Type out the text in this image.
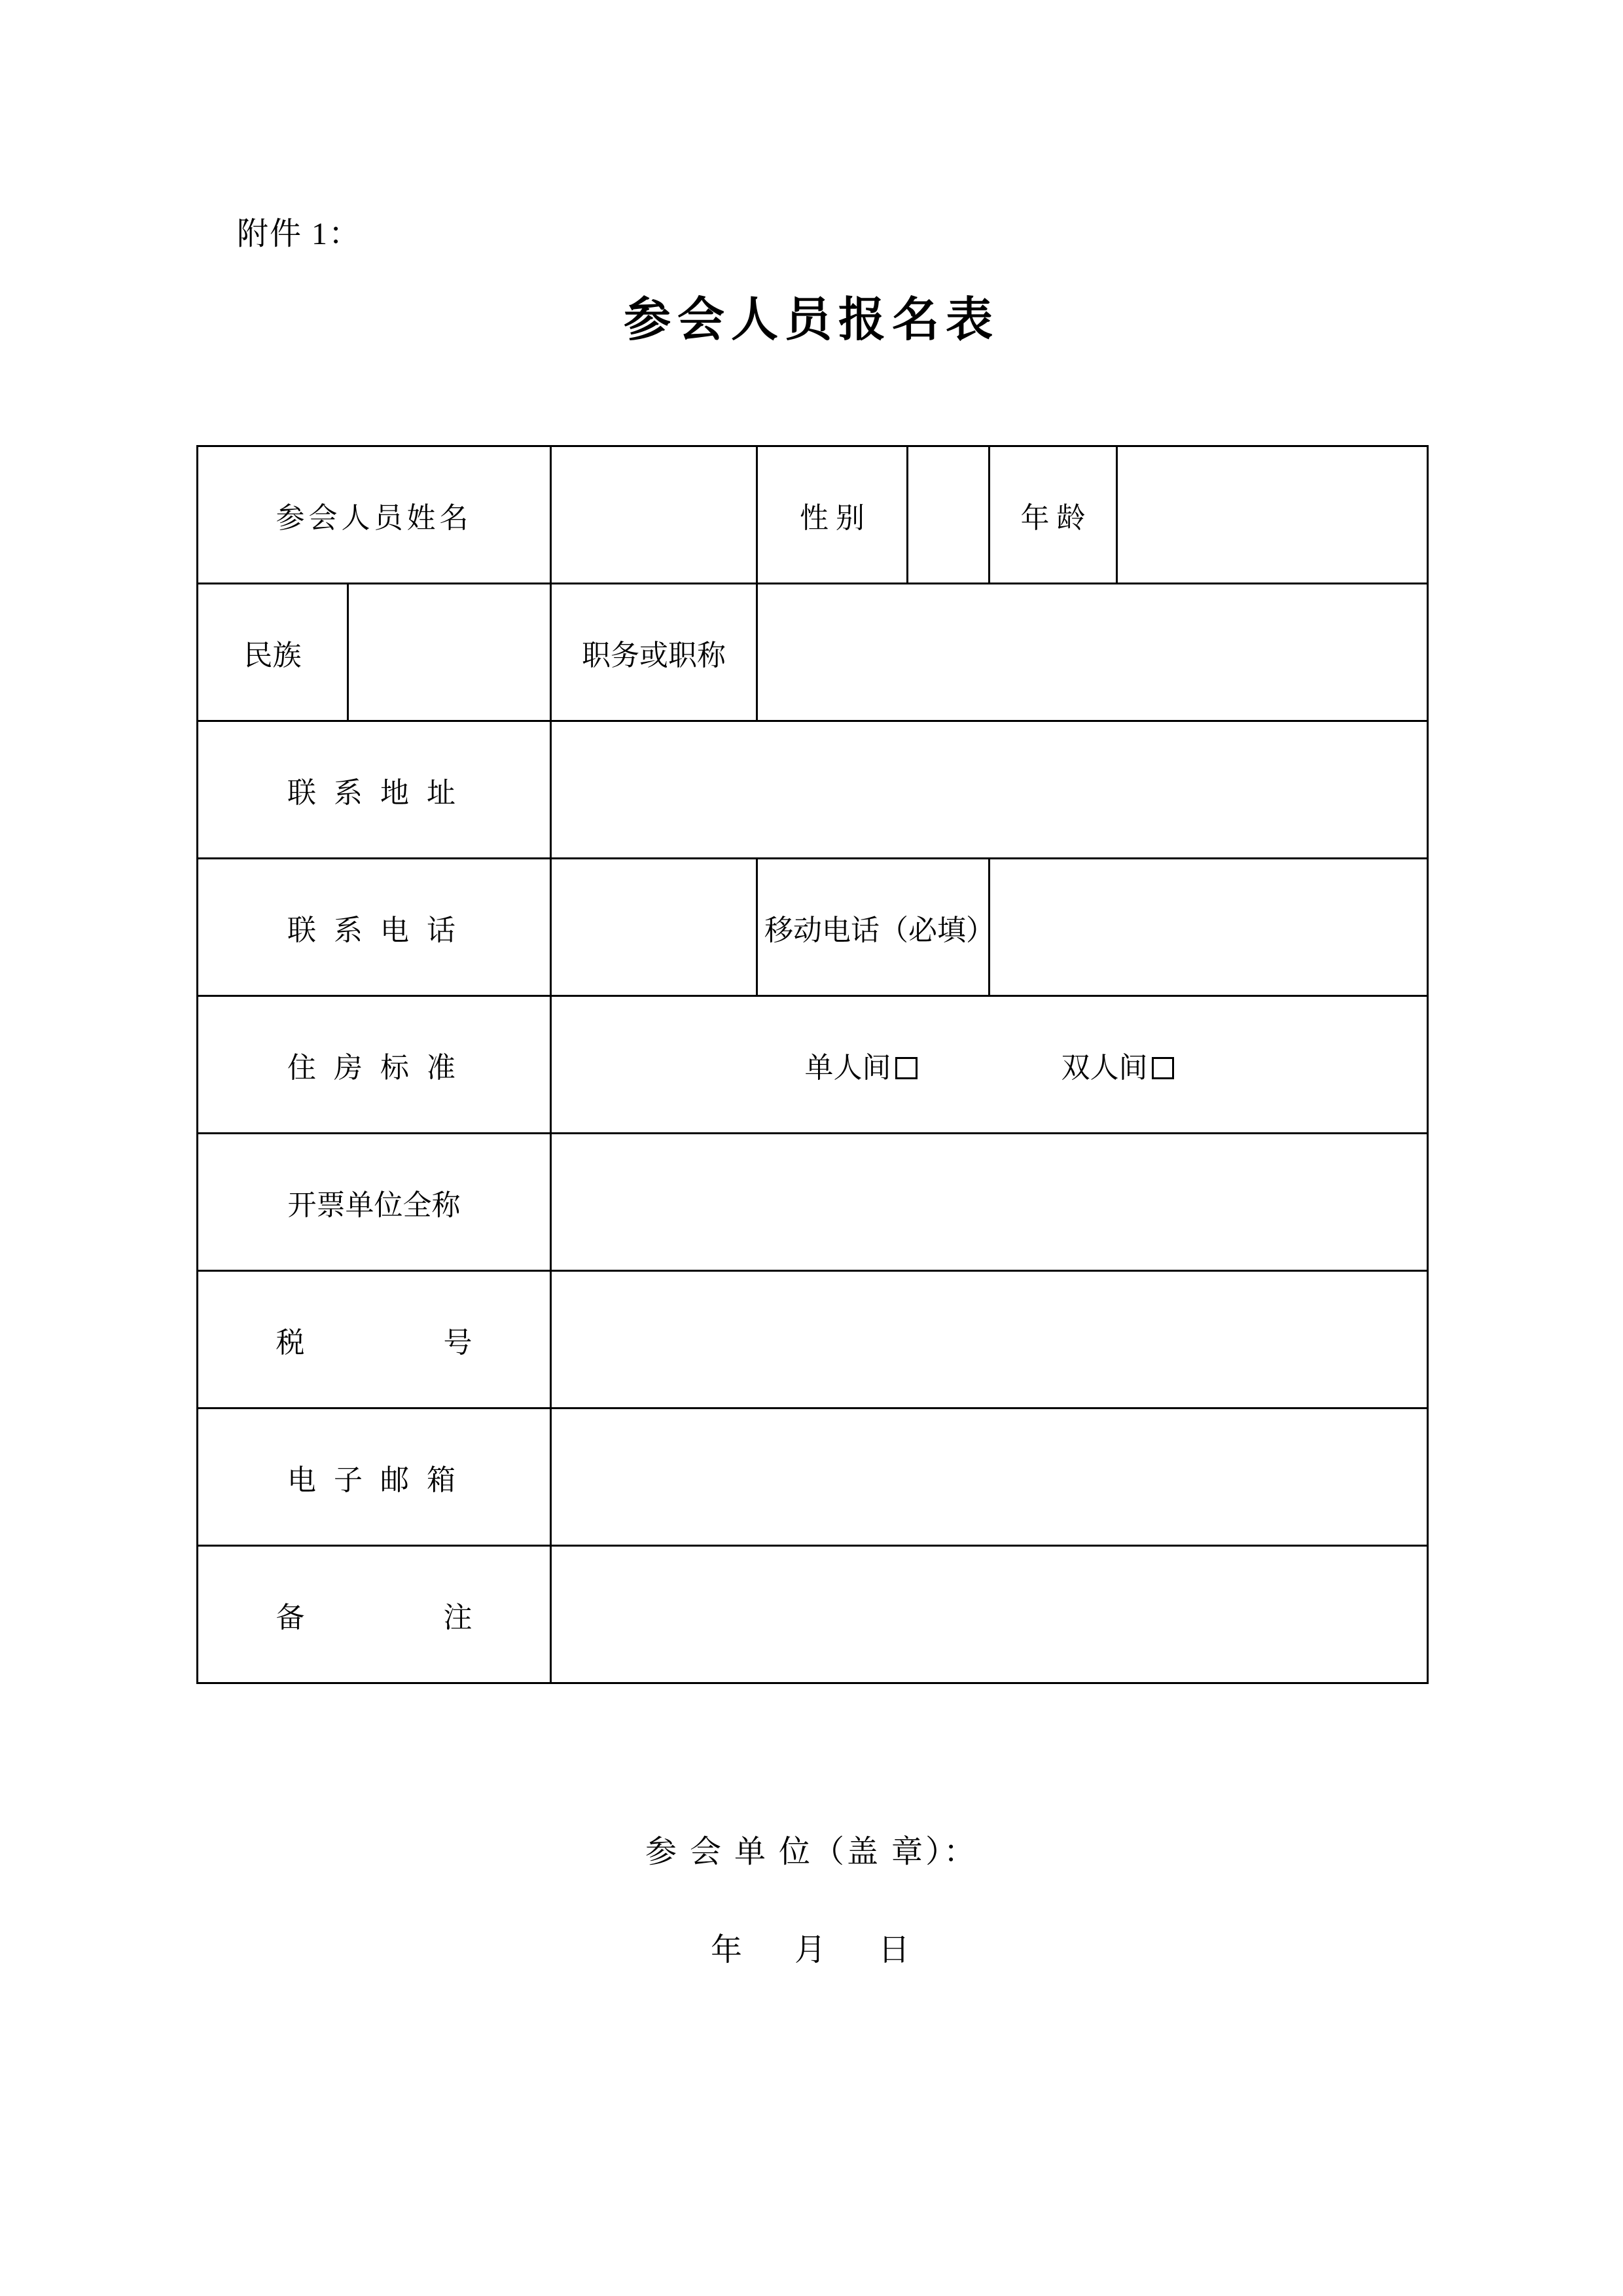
附件 1：
参会人员报名表
参会人员姓名			性 别		年 龄	
民族		职务或职称				
联 系 地 址						
联 系 电 话			移动电话（必填）			
住 房 标 准		单人间 双人间				

开票单位全称						
税　　号						
电 子 邮 箱						
备　　注						
参 会 单 位（盖 章）：
年 月 日
